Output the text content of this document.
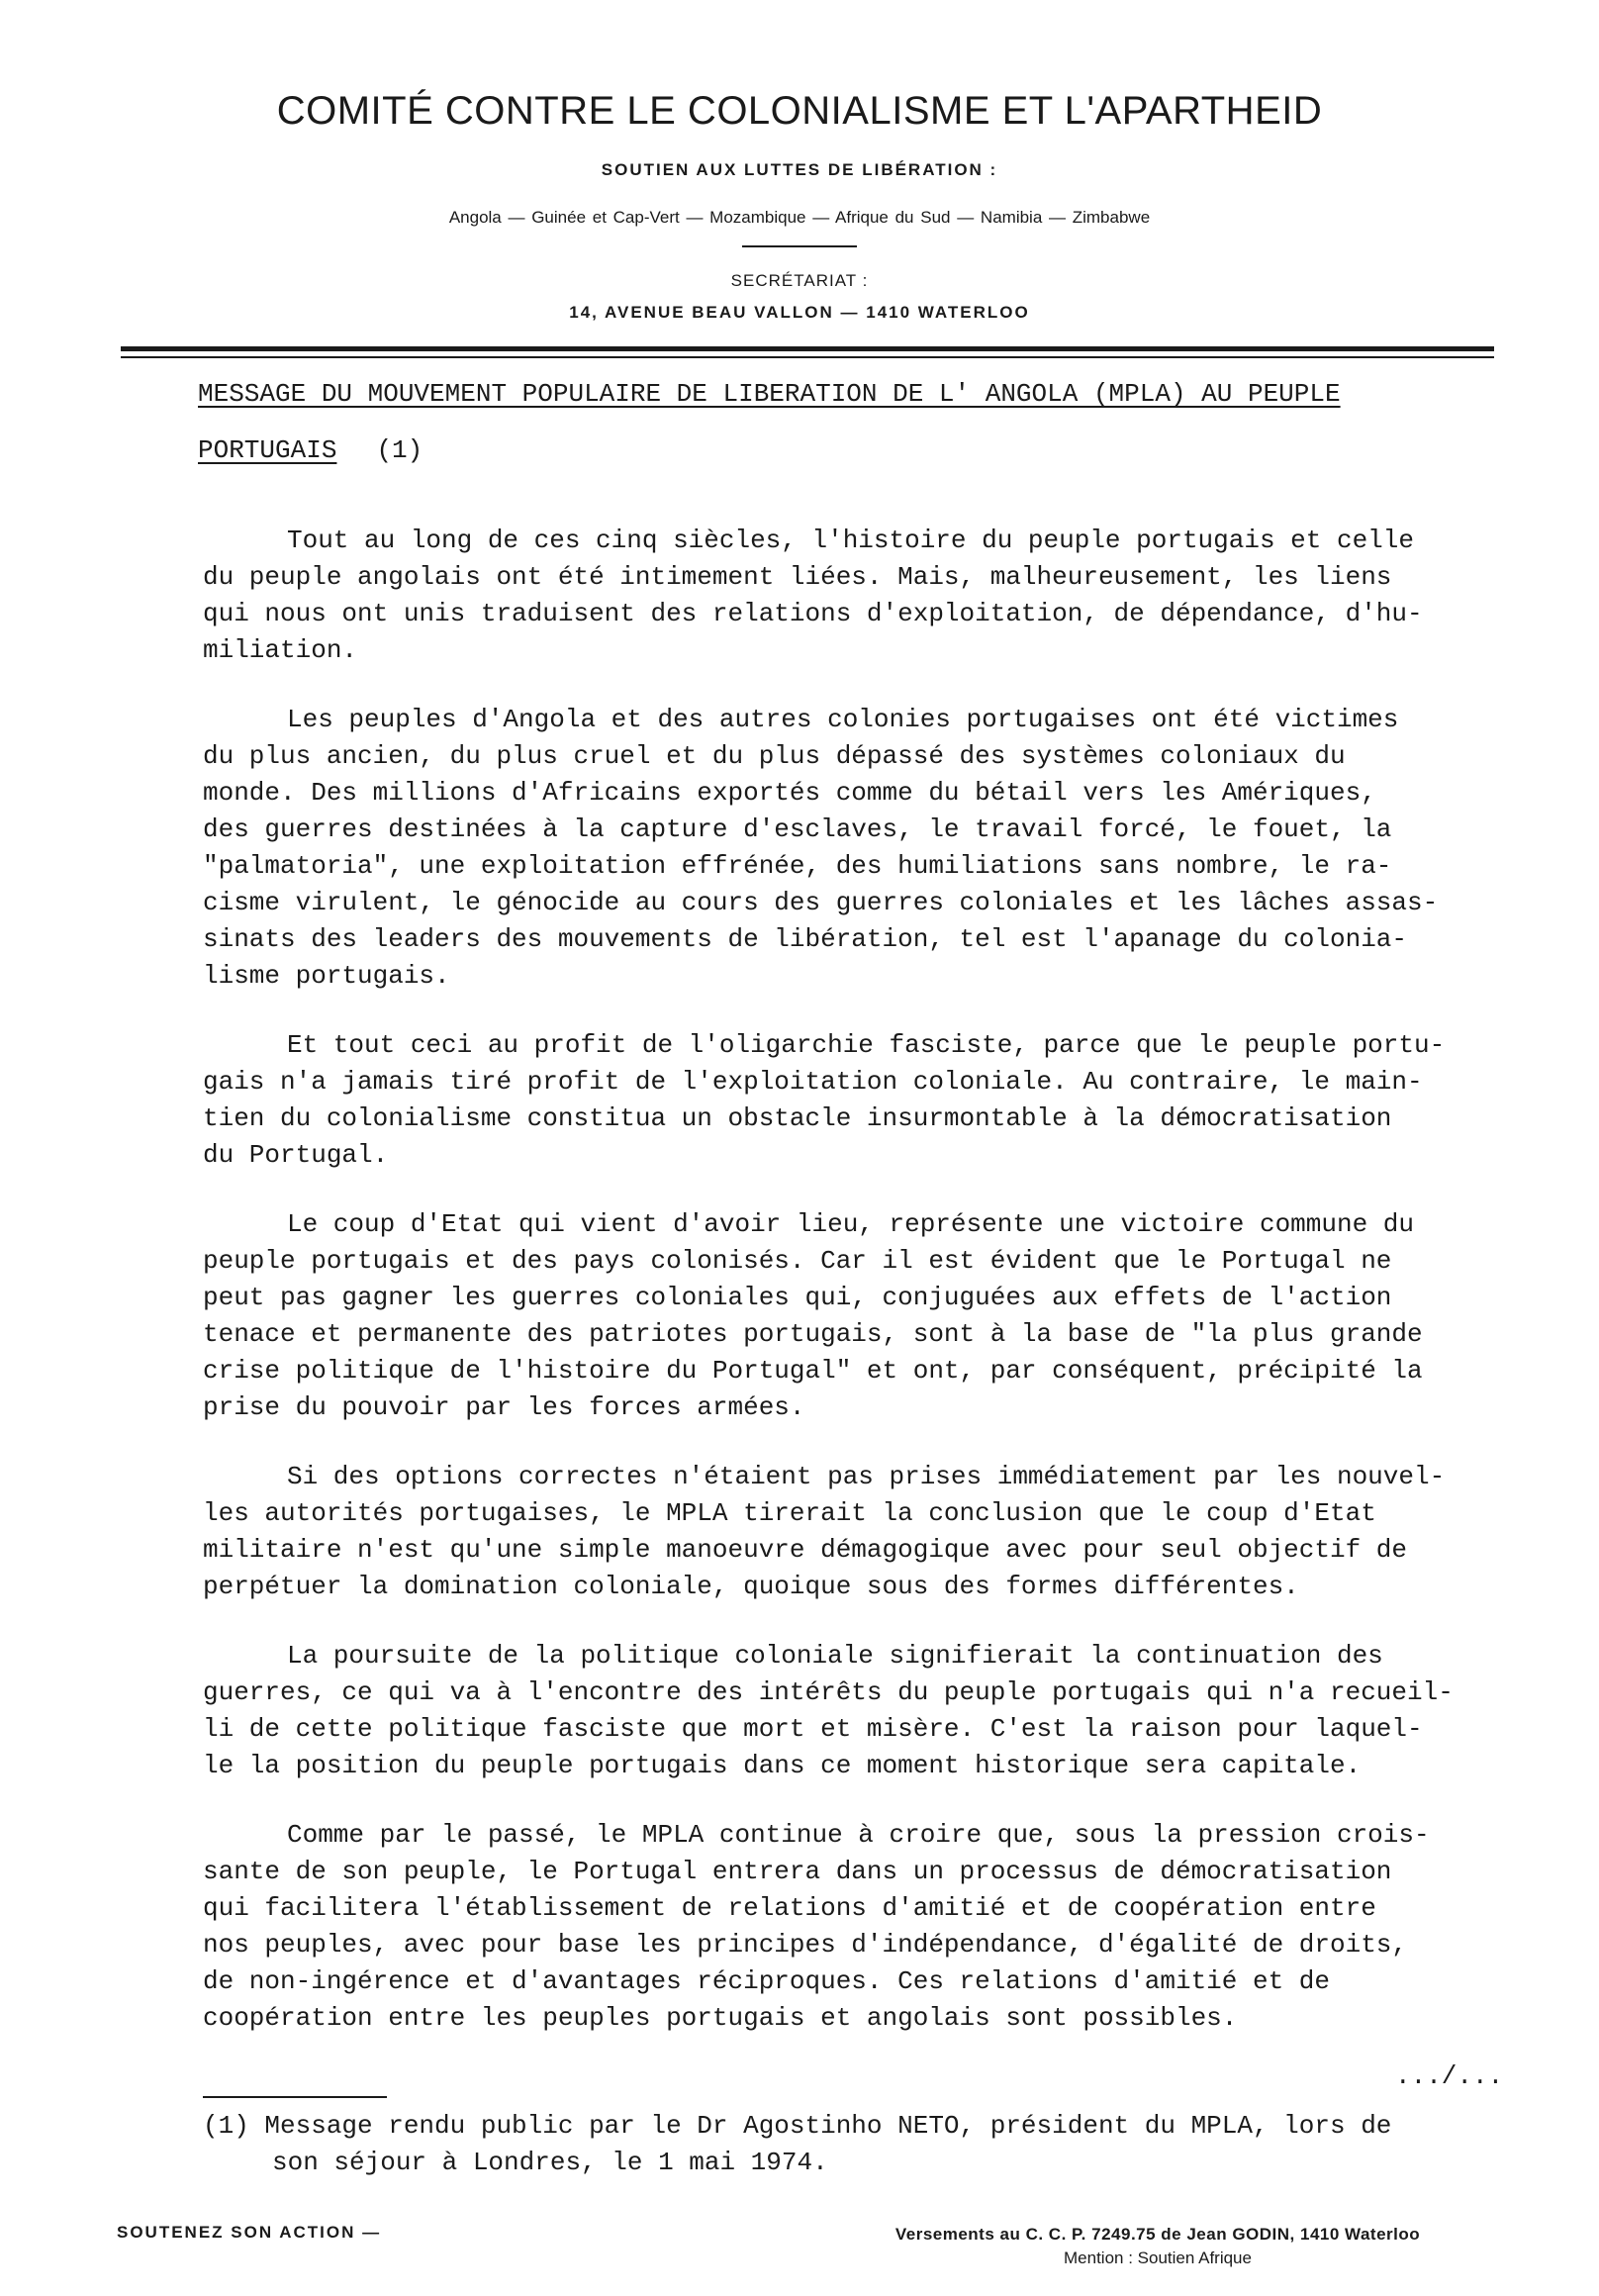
COMITÉ CONTRE LE COLONIALISME ET L'APARTHEID
SOUTIEN AUX LUTTES DE LIBÉRATION :
Angola — Guinée et Cap-Vert — Mozambique — Afrique du Sud — Namibia — Zimbabwe
SECRÉTARIAT :
14, AVENUE BEAU VALLON — 1410 WATERLOO
MESSAGE DU MOUVEMENT POPULAIRE DE LIBERATION DE L' ANGOLA (MPLA) AU PEUPLE
PORTUGAIS (1)
Tout au long de ces cinq siècles, l'histoire du peuple portugais et celle
du peuple angolais ont été intimement liées. Mais, malheureusement, les liens
qui nous ont unis traduisent des relations d'exploitation, de dépendance, d'hu-
miliation.
Les peuples d'Angola et des autres colonies portugaises ont été victimes
du plus ancien, du plus cruel et du plus dépassé des systèmes coloniaux du
monde. Des millions d'Africains exportés comme du bétail vers les Amériques,
des guerres destinées à la capture d'esclaves, le travail forcé, le fouet, la
"palmatoria", une exploitation effrénée, des humiliations sans nombre, le ra-
cisme virulent, le génocide au cours des guerres coloniales et les lâches assas-
sinats des leaders des mouvements de libération, tel est l'apanage du colonia-
lisme portugais.
Et tout ceci au profit de l'oligarchie fasciste, parce que le peuple portu-
gais n'a jamais tiré profit de l'exploitation coloniale. Au contraire, le main-
tien du colonialisme constitua un obstacle insurmontable à la démocratisation
du Portugal.
Le coup d'Etat qui vient d'avoir lieu, représente une victoire commune du
peuple portugais et des pays colonisés. Car il est évident que le Portugal ne
peut pas gagner les guerres coloniales qui, conjuguées aux effets de l'action
tenace et permanente des patriotes portugais, sont à la base de "la plus grande
crise politique de l'histoire du Portugal" et ont, par conséquent, précipité la
prise du pouvoir par les forces armées.
Si des options correctes n'étaient pas prises immédiatement par les nouvel-
les autorités portugaises, le MPLA tirerait la conclusion que le coup d'Etat
militaire n'est qu'une simple manoeuvre démagogique avec pour seul objectif de
perpétuer la domination coloniale, quoique sous des formes différentes.
La poursuite de la politique coloniale signifierait la continuation des
guerres, ce qui va à l'encontre des intérêts du peuple portugais qui n'a recueil-
li de cette politique fasciste que mort et misère. C'est la raison pour laquel-
le la position du peuple portugais dans ce moment historique sera capitale.
Comme par le passé, le MPLA continue à croire que, sous la pression crois-
sante de son peuple, le Portugal entrera dans un processus de démocratisation
qui facilitera l'établissement de relations d'amitié et de coopération entre
nos peuples, avec pour base les principes d'indépendance, d'égalité de droits,
de non-ingérence et d'avantages réciproques. Ces relations d'amitié et de
coopération entre les peuples portugais et angolais sont possibles.
.../...
(1) Message rendu public par le Dr Agostinho NETO, président du MPLA, lors de
son séjour à Londres, le 1 mai 1974.
SOUTENEZ SON ACTION —	Versements au C. C. P. 7249.75 de Jean GODIN, 1410 Waterloo
Mention : Soutien Afrique
